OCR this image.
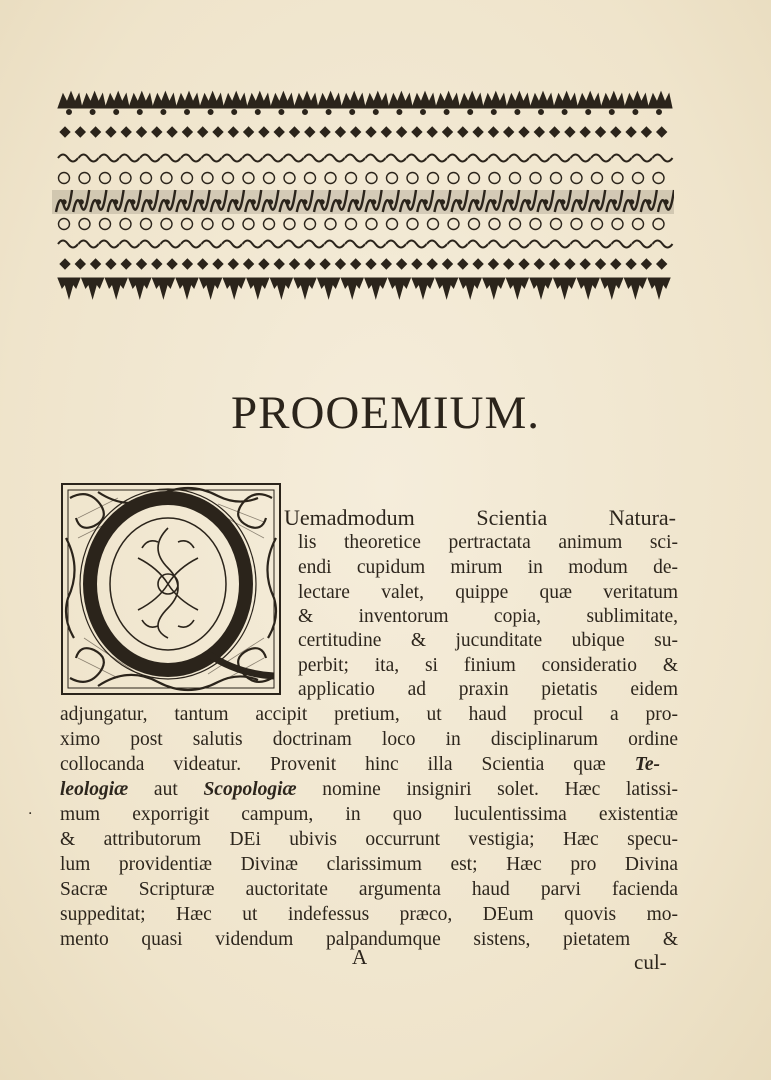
PROOEMIUM.
Uemadmodum Scientia Natura-
lis theoretice pertractata animum sci-
endi cupidum mirum in modum de-
lectare valet, quippe quæ veritatum
& inventorum copia, sublimitate,
certitudine & jucunditate ubique su-
perbit; ita, si finium consideratio &
applicatio ad praxin pietatis eidem
adjungatur, tantum accipit pretium, ut haud procul a pro-
ximo post salutis doctrinam loco in disciplinarum ordine
collocanda videatur. Provenit hinc illa Scientia quæ Te-
leologiæ aut Scopologiæ nomine insigniri solet. Hæc latissi-
mum exporrigit campum, in quo luculentissima existentiæ
& attributorum DEi ubivis occurrunt vestigia; Hæc specu-
lum providentiæ Divinæ clarissimum est; Hæc pro Divina
Sacræ Scripturæ auctoritate argumenta haud parvi facienda
suppeditat; Hæc ut indefessus præco, DEum quovis mo-
mento quasi videndum palpandumque sistens, pietatem &
A	cul-
·
